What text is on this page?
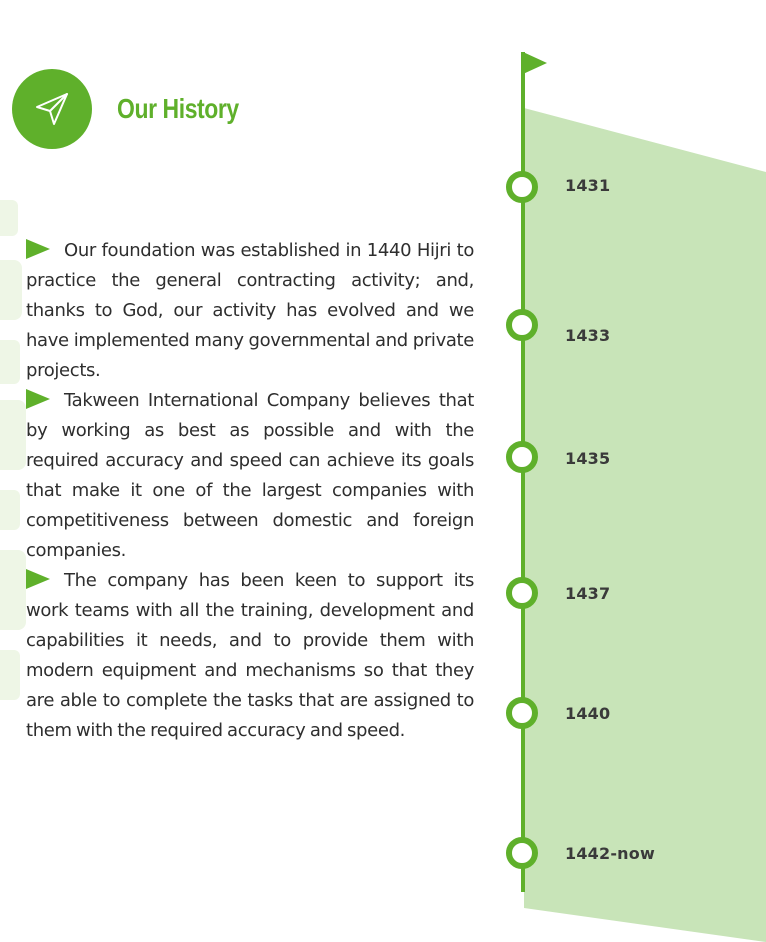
Our History

Our foundation was established in 1440 Hijri to practice the general contracting activity; and, thanks to God, our activity has evolved and we have implemented many governmental and private projects.

Takween International Company believes that by working as best as possible and with the required accuracy and speed can achieve its goals that make it one of the largest companies with competitiveness between domestic and foreign companies.

The company has been keen to support its work teams with all the training, development and capabilities it needs, and to provide them with modern equipment and mechanisms so that they are able to complete the tasks that are assigned to them with the required accuracy and speed.

1431
1433
1435
1437
1440
1442-now
